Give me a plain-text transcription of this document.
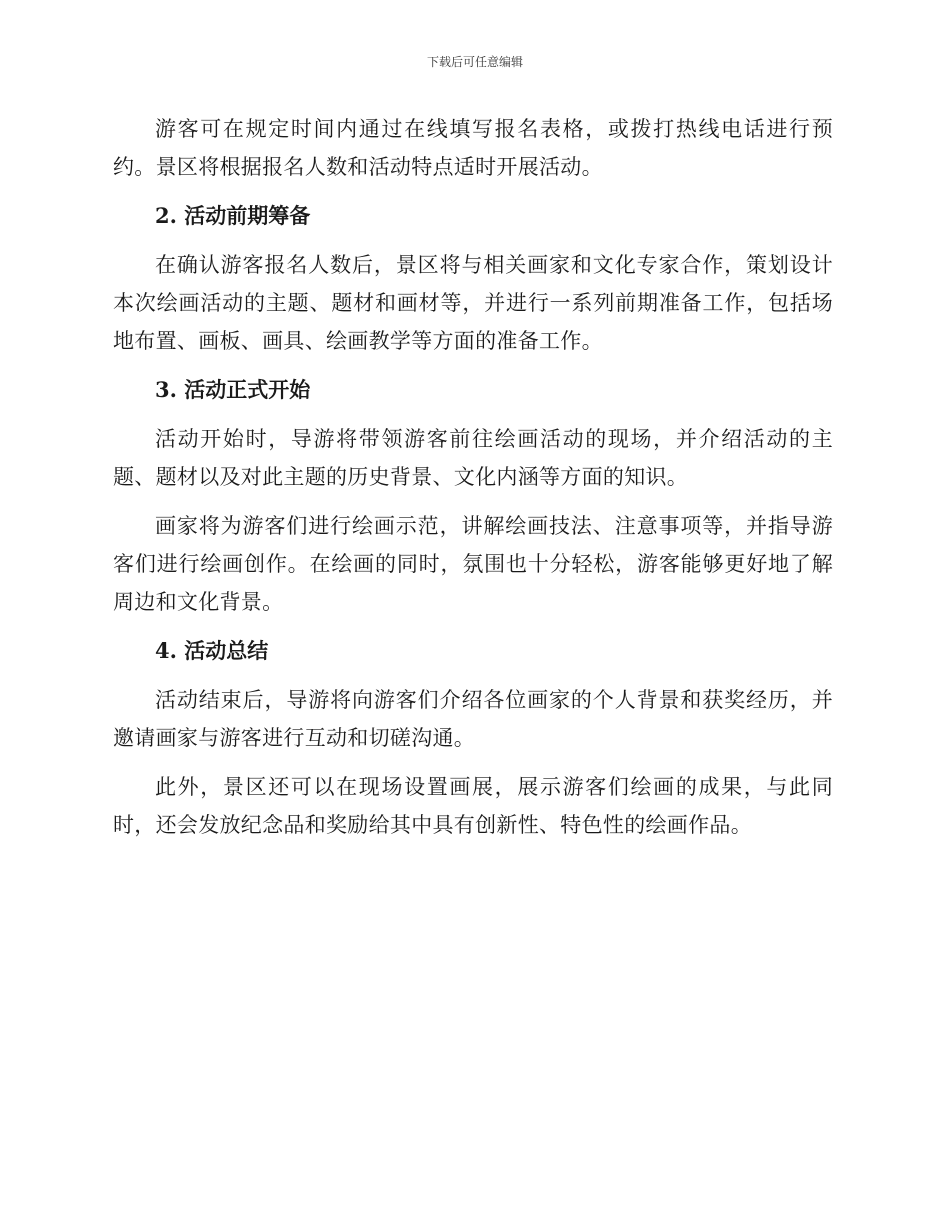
下载后可任意编辑

游客可在规定时间内通过在线填写报名表格，或拨打热线电话进行预约。景区将根据报名人数和活动特点适时开展活动。

2. 活动前期筹备

在确认游客报名人数后，景区将与相关画家和文化专家合作，策划设计本次绘画活动的主题、题材和画材等，并进行一系列前期准备工作，包括场地布置、画板、画具、绘画教学等方面的准备工作。

3. 活动正式开始

活动开始时，导游将带领游客前往绘画活动的现场，并介绍活动的主题、题材以及对此主题的历史背景、文化内涵等方面的知识。

画家将为游客们进行绘画示范，讲解绘画技法、注意事项等，并指导游客们进行绘画创作。在绘画的同时，氛围也十分轻松，游客能够更好地了解周边和文化背景。

4. 活动总结

活动结束后，导游将向游客们介绍各位画家的个人背景和获奖经历，并邀请画家与游客进行互动和切磋沟通。

此外，景区还可以在现场设置画展，展示游客们绘画的成果，与此同时，还会发放纪念品和奖励给其中具有创新性、特色性的绘画作品。
